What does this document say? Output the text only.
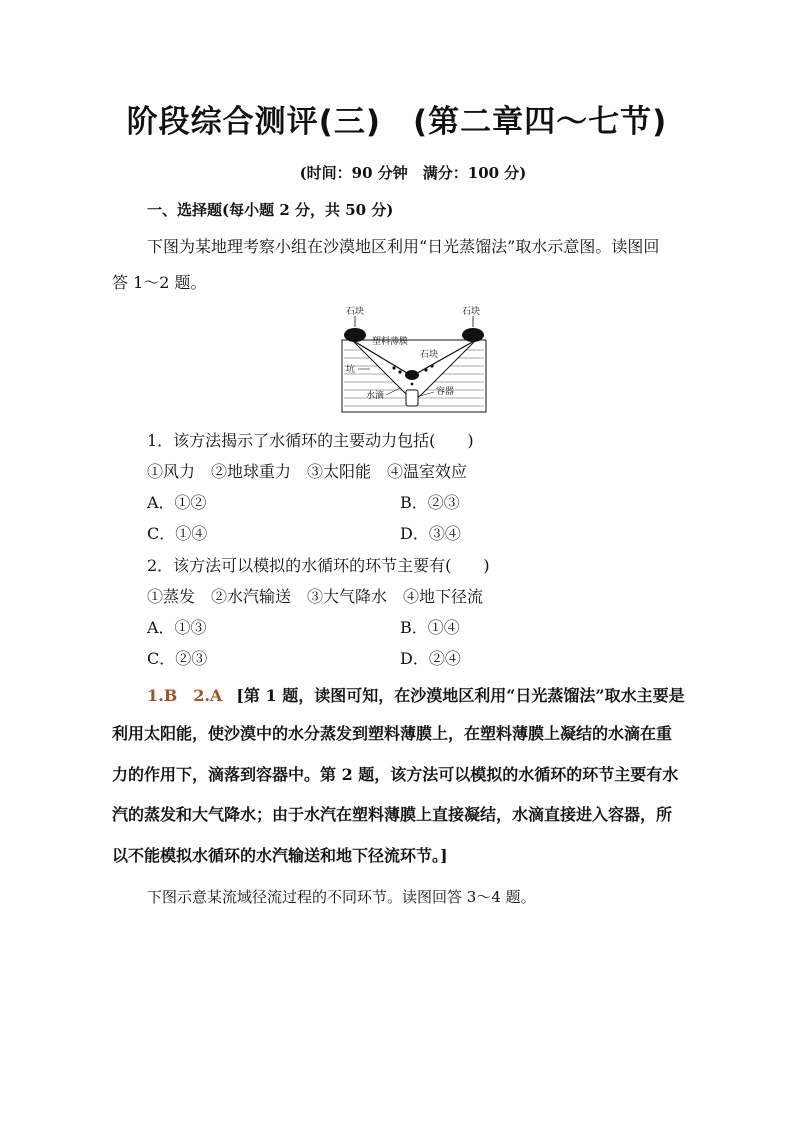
阶段综合测评(三)　(第二章四～七节)
(时间：90 分钟　满分：100 分)
一、选择题(每小题 2 分，共 50 分)
下图为某地理考察小组在沙漠地区利用“日光蒸馏法”取水示意图。读图回
答 1～2 题。
石块	石块
塑料薄膜
石块
坑
水滴	容器
1．该方法揭示了水循环的主要动力包括(　　)
①风力　②地球重力　③太阳能　④温室效应
A．①②	B．②③
C．①④	D．③④
2．该方法可以模拟的水循环的环节主要有(　　)
①蒸发　②水汽输送　③大气降水　④地下径流
A．①③	B．①④
C．②③	D．②④
1.B　2.A [第 1 题，读图可知，在沙漠地区利用“日光蒸馏法”取水主要是
利用太阳能，使沙漠中的水分蒸发到塑料薄膜上，在塑料薄膜上凝结的水滴在重
力的作用下，滴落到容器中。第 2 题，该方法可以模拟的水循环的环节主要有水
汽的蒸发和大气降水；由于水汽在塑料薄膜上直接凝结，水滴直接进入容器，所
以不能模拟水循环的水汽输送和地下径流环节。]
下图示意某流域径流过程的不同环节。读图回答 3～4 题。
